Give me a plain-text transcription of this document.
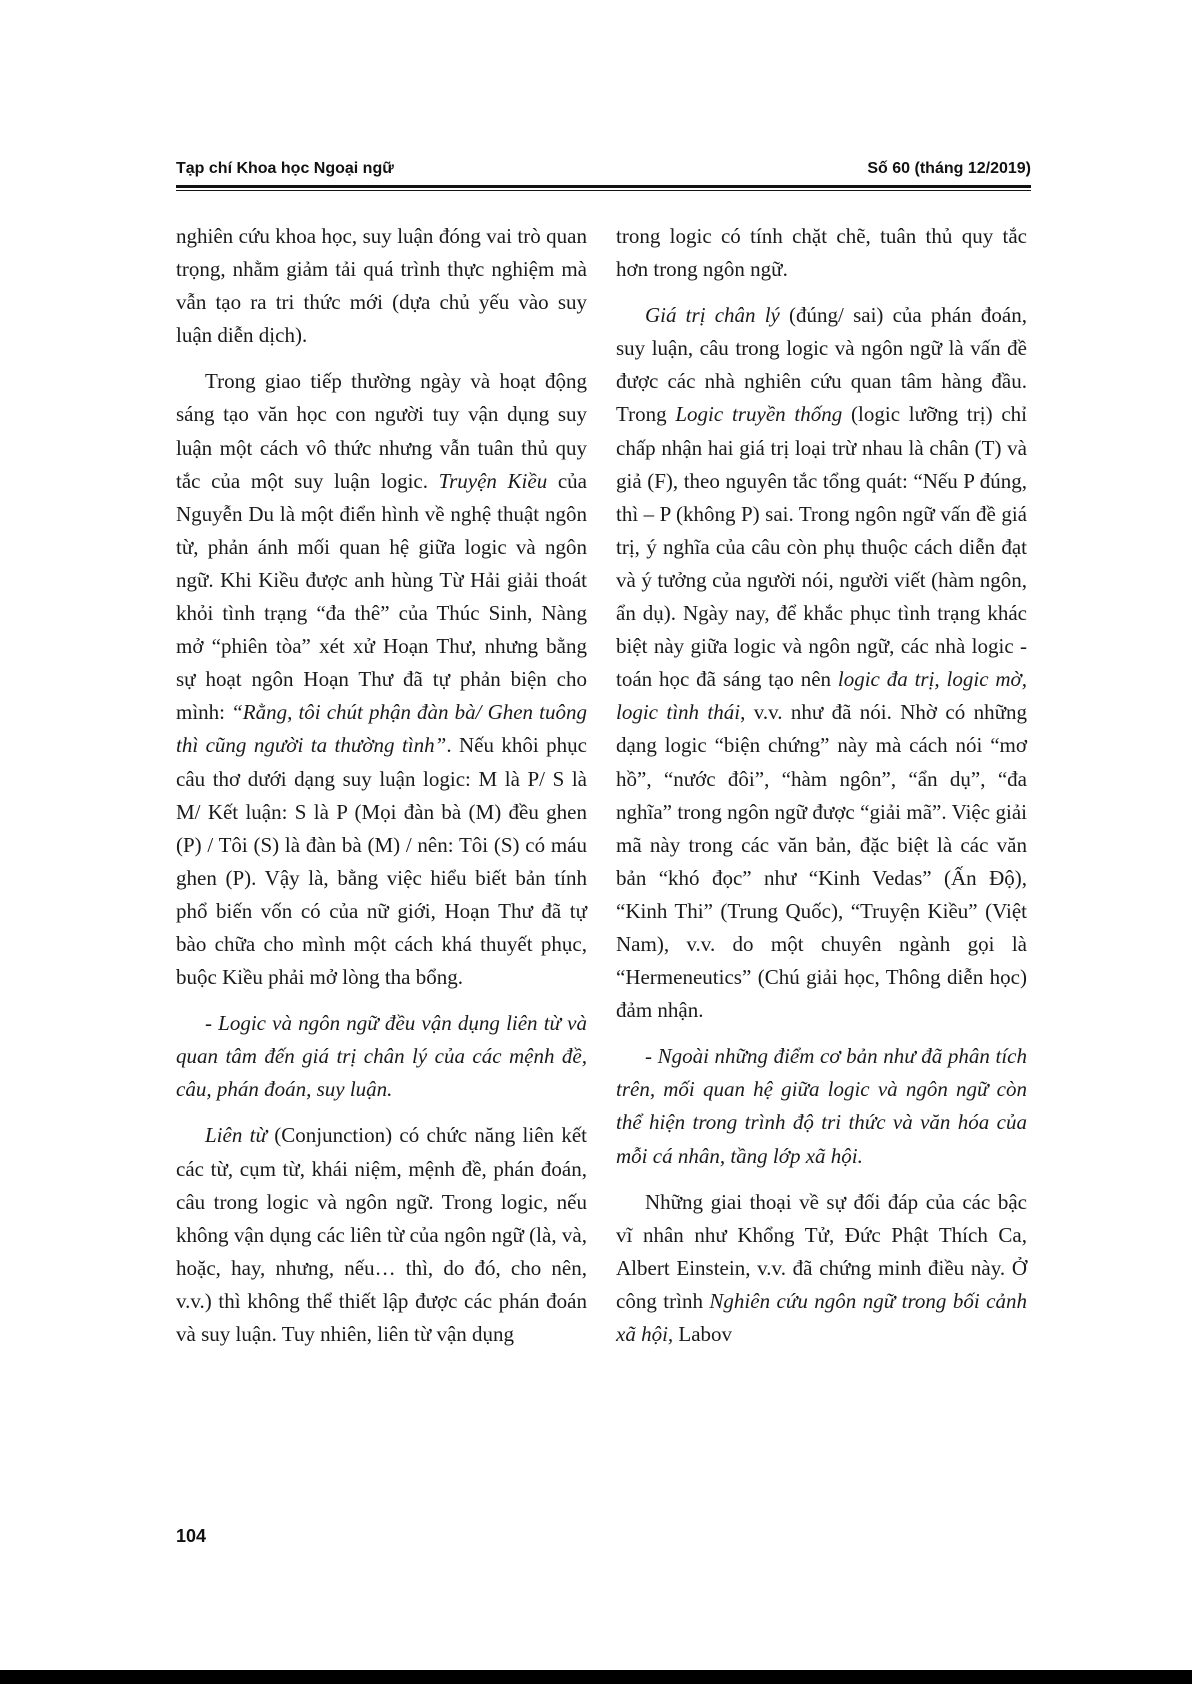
Tạp chí Khoa học Ngoại ngữ	Số 60 (tháng 12/2019)

nghiên cứu khoa học, suy luận đóng vai trò quan trọng, nhằm giảm tải quá trình thực nghiệm mà vẫn tạo ra tri thức mới (dựa chủ yếu vào suy luận diễn dịch).

Trong giao tiếp thường ngày và hoạt động sáng tạo văn học con người tuy vận dụng suy luận một cách vô thức nhưng vẫn tuân thủ quy tắc của một suy luận logic. Truyện Kiều của Nguyễn Du là một điển hình về nghệ thuật ngôn từ, phản ánh mối quan hệ giữa logic và ngôn ngữ. Khi Kiều được anh hùng Từ Hải giải thoát khỏi tình trạng “đa thê” của Thúc Sinh, Nàng mở “phiên tòa” xét xử Hoạn Thư, nhưng bằng sự hoạt ngôn Hoạn Thư đã tự phản biện cho mình: “Rằng, tôi chút phận đàn bà/ Ghen tuông thì cũng người ta thường tình”. Nếu khôi phục câu thơ dưới dạng suy luận logic: M là P/ S là M/ Kết luận: S là P (Mọi đàn bà (M) đều ghen (P) / Tôi (S) là đàn bà (M) / nên: Tôi (S) có máu ghen (P). Vậy là, bằng việc hiểu biết bản tính phổ biến vốn có của nữ giới, Hoạn Thư đã tự bào chữa cho mình một cách khá thuyết phục, buộc Kiều phải mở lòng tha bổng.

- Logic và ngôn ngữ đều vận dụng liên từ và quan tâm đến giá trị chân lý của các mệnh đề, câu, phán đoán, suy luận.

Liên từ (Conjunction) có chức năng liên kết các từ, cụm từ, khái niệm, mệnh đề, phán đoán, câu trong logic và ngôn ngữ. Trong logic, nếu không vận dụng các liên từ của ngôn ngữ (là, và, hoặc, hay, nhưng, nếu… thì, do đó, cho nên, v.v.) thì không thể thiết lập được các phán đoán và suy luận. Tuy nhiên, liên từ vận dụng

trong logic có tính chặt chẽ, tuân thủ quy tắc hơn trong ngôn ngữ.

Giá trị chân lý (đúng/ sai) của phán đoán, suy luận, câu trong logic và ngôn ngữ là vấn đề được các nhà nghiên cứu quan tâm hàng đầu. Trong Logic truyền thống (logic lưỡng trị) chỉ chấp nhận hai giá trị loại trừ nhau là chân (T) và giả (F), theo nguyên tắc tổng quát: “Nếu P đúng, thì – P (không P) sai. Trong ngôn ngữ vấn đề giá trị, ý nghĩa của câu còn phụ thuộc cách diễn đạt và ý tưởng của người nói, người viết (hàm ngôn, ẩn dụ). Ngày nay, để khắc phục tình trạng khác biệt này giữa logic và ngôn ngữ, các nhà logic - toán học đã sáng tạo nên logic đa trị, logic mờ, logic tình thái, v.v. như đã nói. Nhờ có những dạng logic “biện chứng” này mà cách nói “mơ hồ”, “nước đôi”, “hàm ngôn”, “ẩn dụ”, “đa nghĩa” trong ngôn ngữ được “giải mã”. Việc giải mã này trong các văn bản, đặc biệt là các văn bản “khó đọc” như “Kinh Vedas” (Ấn Độ), “Kinh Thi” (Trung Quốc), “Truyện Kiều” (Việt Nam), v.v. do một chuyên ngành gọi là “Hermeneutics” (Chú giải học, Thông diễn học) đảm nhận.

- Ngoài những điểm cơ bản như đã phân tích trên, mối quan hệ giữa logic và ngôn ngữ còn thể hiện trong trình độ tri thức và văn hóa của mỗi cá nhân, tầng lớp xã hội.

Những giai thoại về sự đối đáp của các bậc vĩ nhân như Khổng Tử, Đức Phật Thích Ca, Albert Einstein, v.v. đã chứng minh điều này. Ở công trình Nghiên cứu ngôn ngữ trong bối cảnh xã hội, Labov

104
